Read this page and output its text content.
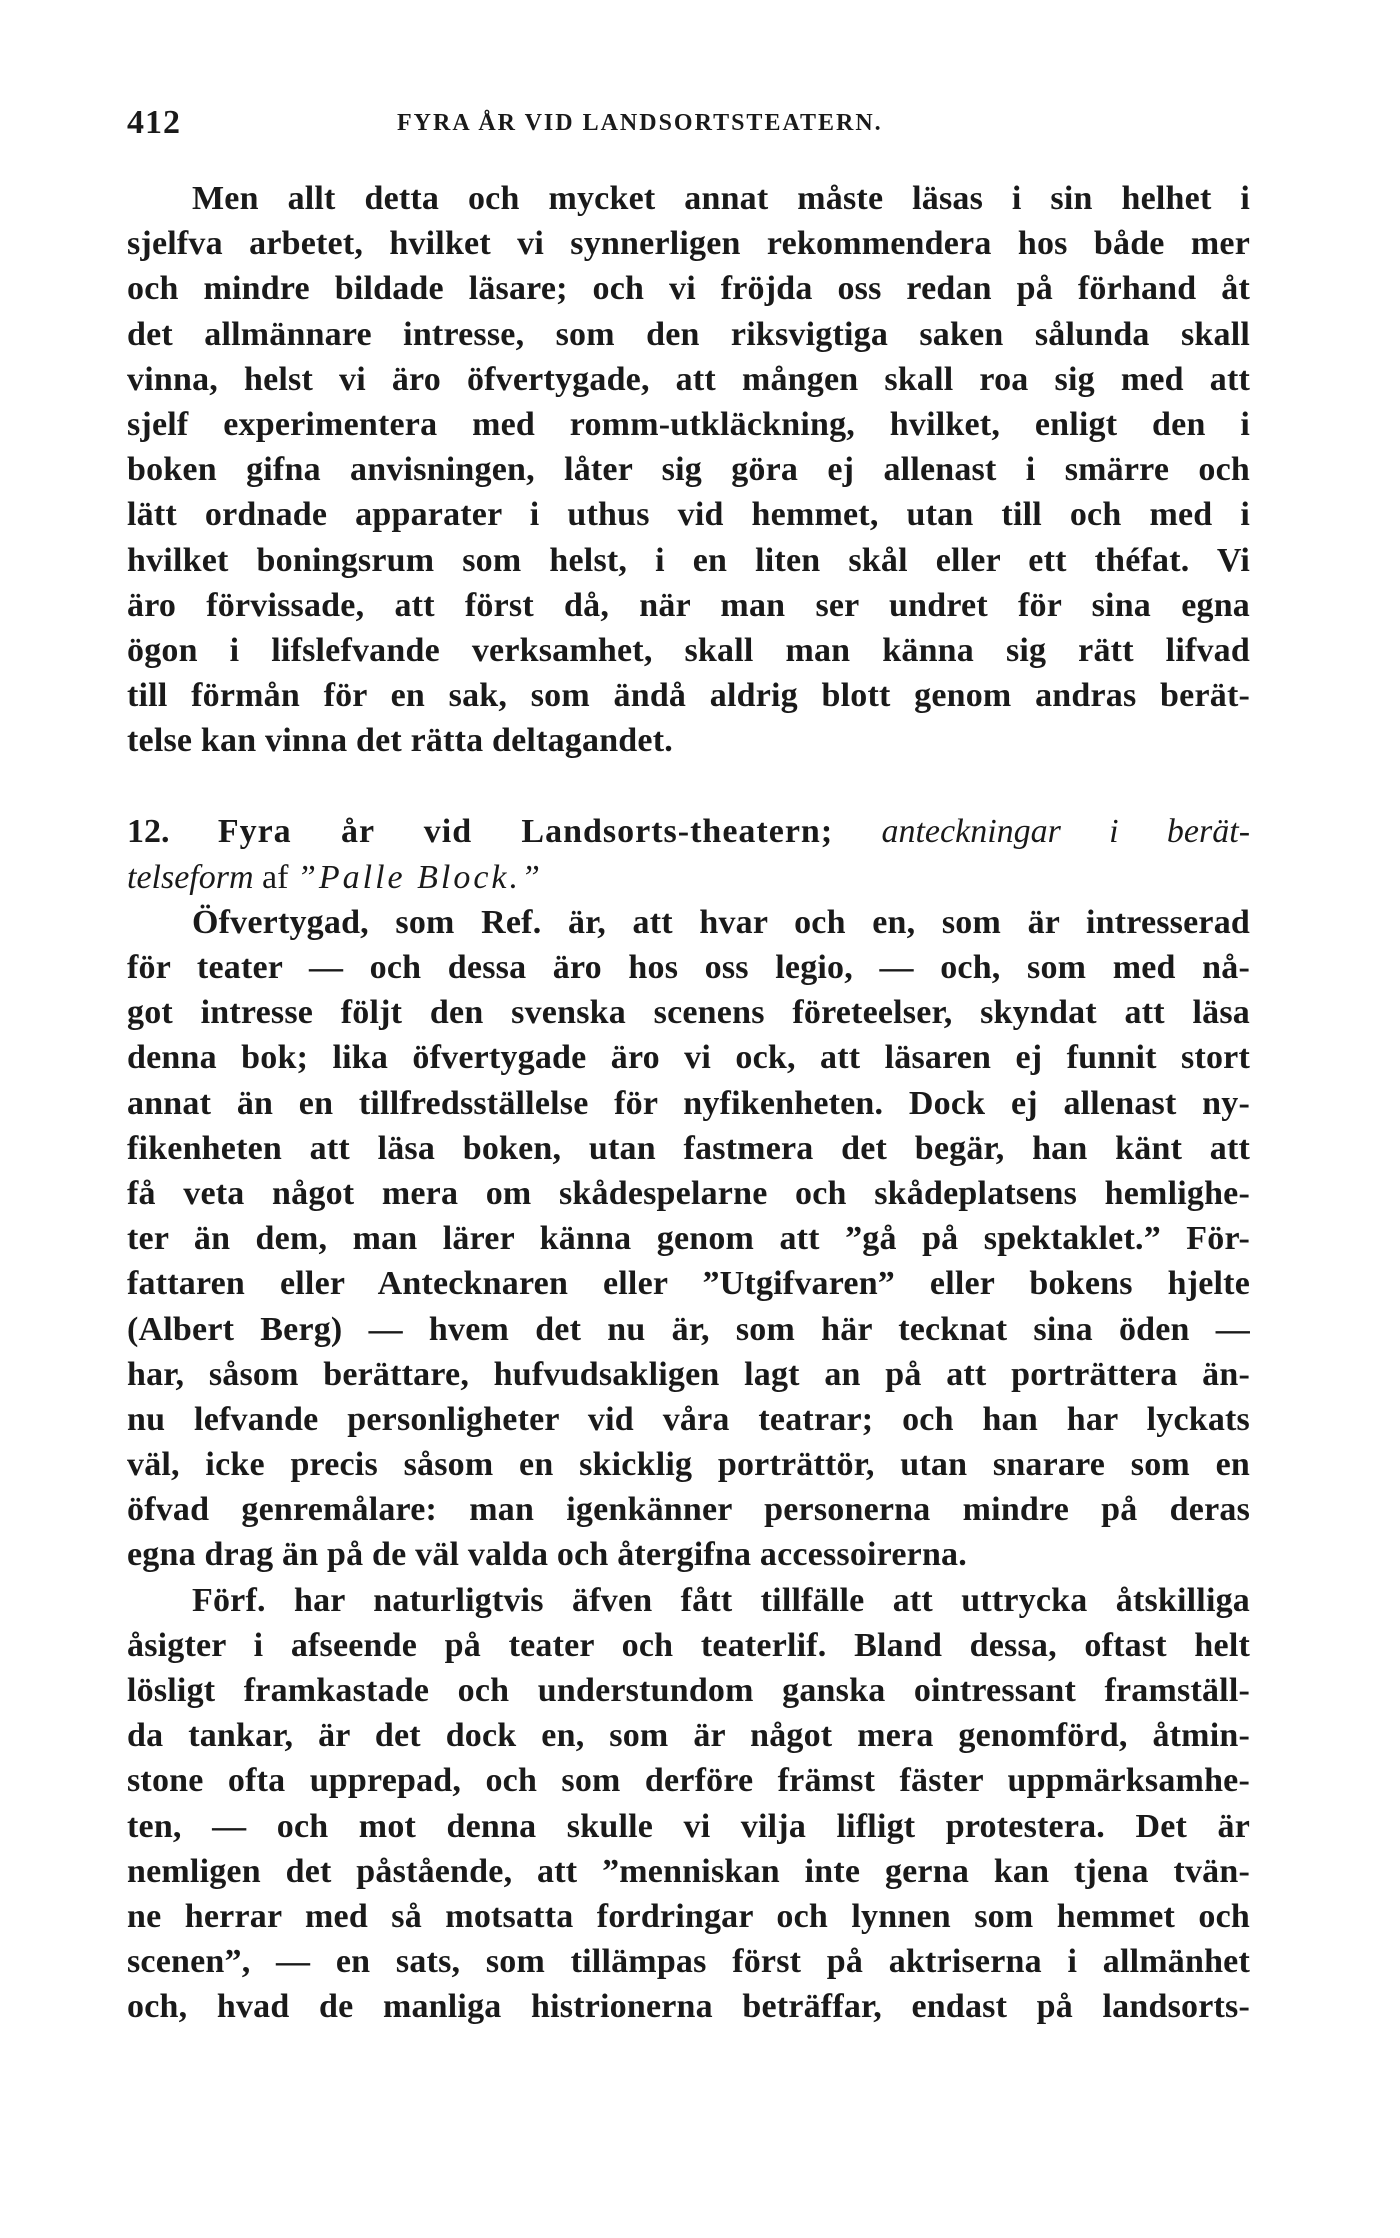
412	FYRA ÅR VID LANDSORTSTEATERN.
Men allt detta och mycket annat måste läsas i sin helhet i
sjelfva arbetet, hvilket vi synnerligen rekommendera hos både mer
och mindre bildade läsare; och vi fröjda oss redan på förhand åt
det allmännare intresse, som den riksvigtiga saken sålunda skall
vinna, helst vi äro öfvertygade, att mången skall roa sig med att
sjelf experimentera med romm-utkläckning, hvilket, enligt den i
boken gifna anvisningen, låter sig göra ej allenast i smärre och
lätt ordnade apparater i uthus vid hemmet, utan till och med i
hvilket boningsrum som helst, i en liten skål eller ett théfat. Vi
äro förvissade, att först då, när man ser undret för sina egna
ögon i lifslefvande verksamhet, skall man känna sig rätt lifvad
till förmån för en sak, som ändå aldrig blott genom andras berät-
telse kan vinna det rätta deltagandet.
12. Fyra år vid Landsorts-theatern; anteckningar i berät-
telseform af ”Palle Block.”
Öfvertygad, som Ref. är, att hvar och en, som är intresserad
för teater — och dessa äro hos oss legio, — och, som med nå-
got intresse följt den svenska scenens företeelser, skyndat att läsa
denna bok; lika öfvertygade äro vi ock, att läsaren ej funnit stort
annat än en tillfredsställelse för nyfikenheten. Dock ej allenast ny-
fikenheten att läsa boken, utan fastmera det begär, han känt att
få veta något mera om skådespelarne och skådeplatsens hemlighe-
ter än dem, man lärer känna genom att ”gå på spektaklet.” För-
fattaren eller Antecknaren eller ”Utgifvaren” eller bokens hjelte
(Albert Berg) — hvem det nu är, som här tecknat sina öden —
har, såsom berättare, hufvudsakligen lagt an på att porträttera än-
nu lefvande personligheter vid våra teatrar; och han har lyckats
väl, icke precis såsom en skicklig porträttör, utan snarare som en
öfvad genremålare: man igenkänner personerna mindre på deras
egna drag än på de väl valda och återgifna accessoirerna.
Förf. har naturligtvis äfven fått tillfälle att uttrycka åtskilliga
åsigter i afseende på teater och teaterlif. Bland dessa, oftast helt
lösligt framkastade och understundom ganska ointressant framställ-
da tankar, är det dock en, som är något mera genomförd, åtmin-
stone ofta upprepad, och som derföre främst fäster uppmärksamhe-
ten, — och mot denna skulle vi vilja lifligt protestera. Det är
nemligen det påstående, att ”menniskan inte gerna kan tjena tvän-
ne herrar med så motsatta fordringar och lynnen som hemmet och
scenen”, — en sats, som tillämpas först på aktriserna i allmänhet
och, hvad de manliga histrionerna beträffar, endast på landsorts-
